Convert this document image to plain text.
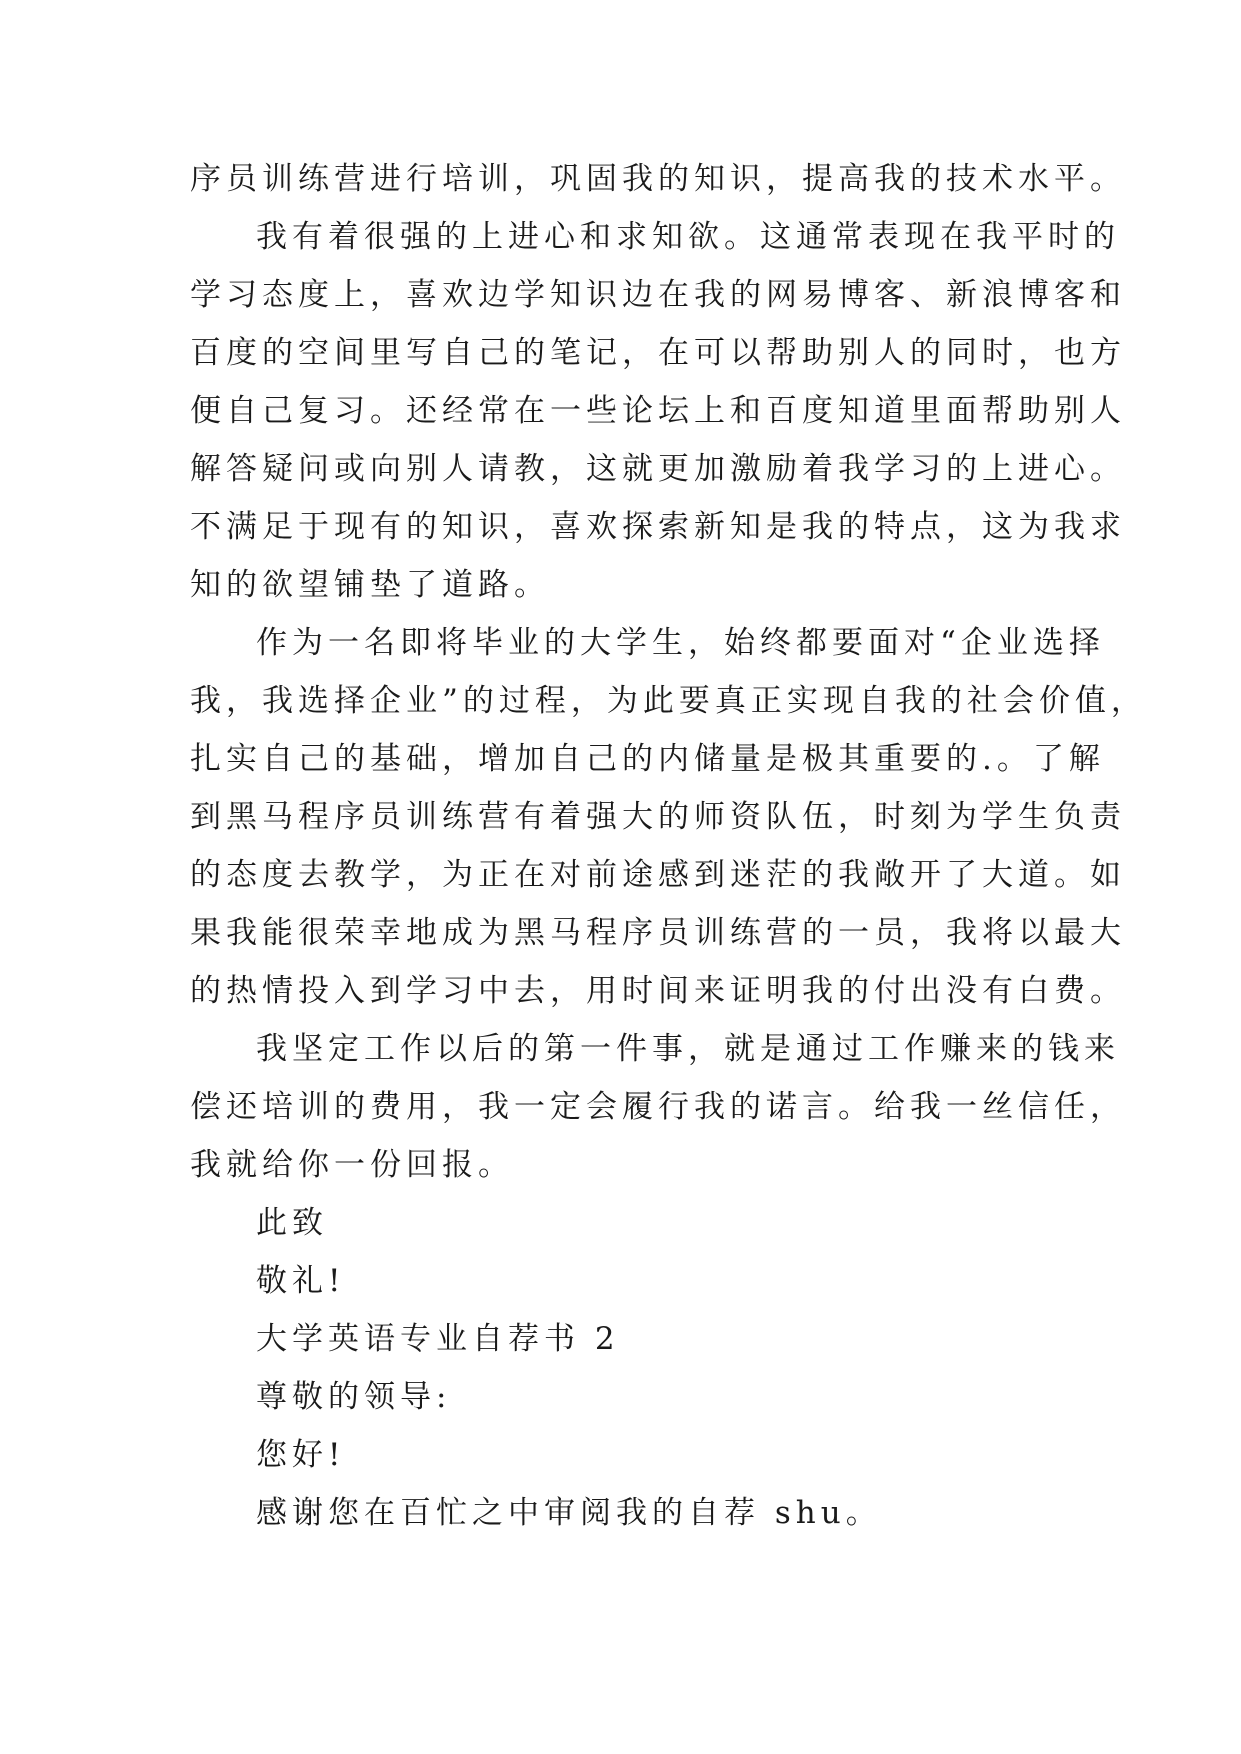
序员训练营进行培训，巩固我的知识，提高我的技术水平。
我有着很强的上进心和求知欲。这通常表现在我平时的
学习态度上，喜欢边学知识边在我的网易博客、新浪博客和
百度的空间里写自己的笔记，在可以帮助别人的同时，也方
便自己复习。还经常在一些论坛上和百度知道里面帮助别人
解答疑问或向别人请教，这就更加激励着我学习的上进心。
不满足于现有的知识，喜欢探索新知是我的特点，这为我求
知的欲望铺垫了道路。
作为一名即将毕业的大学生，始终都要面对“企业选择
我，我选择企业”的过程，为此要真正实现自我的社会价值，
扎实自己的基础，增加自己的内储量是极其重要的.。了解
到黑马程序员训练营有着强大的师资队伍，时刻为学生负责
的态度去教学，为正在对前途感到迷茫的我敞开了大道。如
果我能很荣幸地成为黑马程序员训练营的一员，我将以最大
的热情投入到学习中去，用时间来证明我的付出没有白费。
我坚定工作以后的第一件事，就是通过工作赚来的钱来
偿还培训的费用，我一定会履行我的诺言。给我一丝信任，
我就给你一份回报。
此致
敬礼!
大学英语专业自荐书 2
尊敬的领导:
您好!
感谢您在百忙之中审阅我的自荐 shu。
